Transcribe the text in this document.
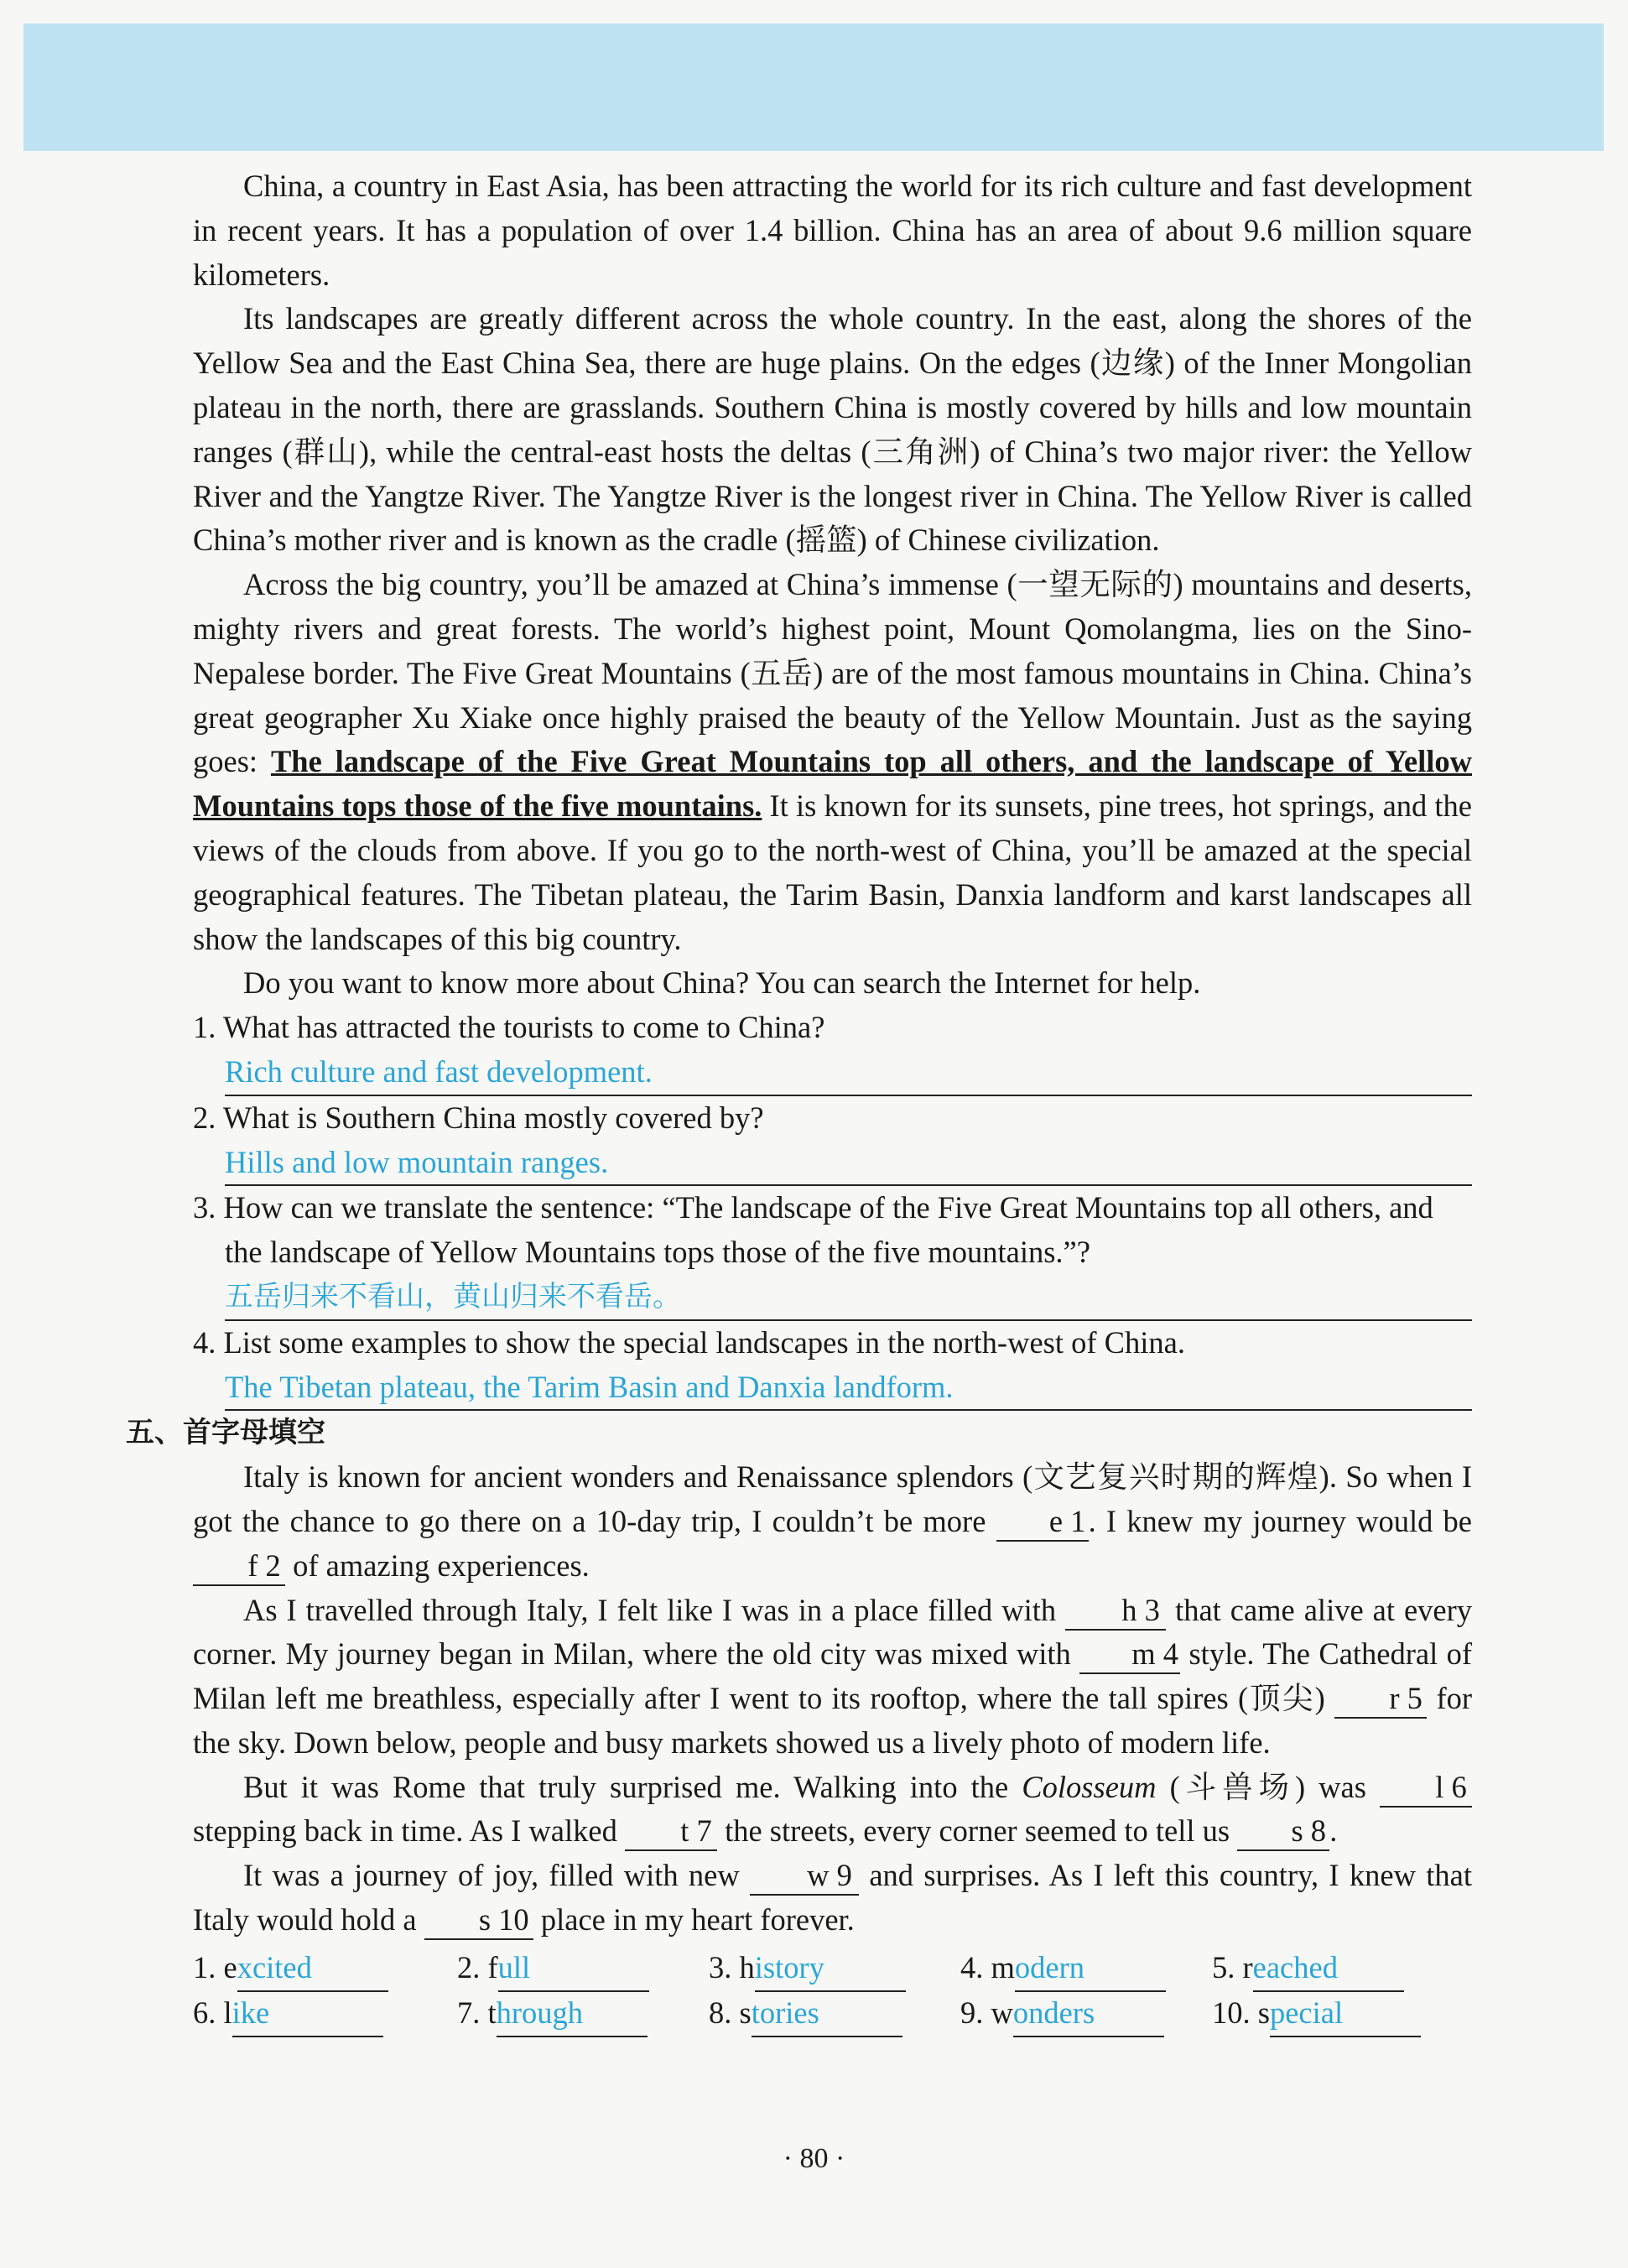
China, a country in East Asia, has been attracting the world for its rich culture and fast development in recent years. It has a population of over 1.4 billion. China has an area of about 9.6 million square kilometers.

Its landscapes are greatly different across the whole country. In the east, along the shores of the Yellow Sea and the East China Sea, there are huge plains. On the edges (边缘) of the Inner Mongolian plateau in the north, there are grasslands. Southern China is mostly covered by hills and low mountain ranges (群山), while the central-east hosts the deltas (三角洲) of China’s two major river: the Yellow River and the Yangtze River. The Yangtze River is the longest river in China. The Yellow River is called China’s mother river and is known as the cradle (摇篮) of Chinese civilization.

Across the big country, you’ll be amazed at China’s immense (一望无际的) mountains and deserts, mighty rivers and great forests. The world’s highest point, Mount Qomolangma, lies on the Sino-Nepalese border. The Five Great Mountains (五岳) are of the most famous mountains in China. China’s great geographer Xu Xiake once highly praised the beauty of the Yellow Mountain. Just as the saying goes: The landscape of the Five Great Mountains top all others, and the landscape of Yellow Mountains tops those of the five mountains. It is known for its sunsets, pine trees, hot springs, and the views of the clouds from above. If you go to the north-west of China, you’ll be amazed at the special geographical features. The Tibetan plateau, the Tarim Basin, Danxia landform and karst landscapes all show the landscapes of this big country.

Do you want to know more about China? You can search the Internet for help.

1. What has attracted the tourists to come to China?
Rich culture and fast development.
2. What is Southern China mostly covered by?
Hills and low mountain ranges.
3. How can we translate the sentence: “The landscape of the Five Great Mountains top all others, and the landscape of Yellow Mountains tops those of the five mountains.”?
五岳归来不看山，黄山归来不看岳。
4. List some examples to show the special landscapes in the north-west of China.
The Tibetan plateau, the Tarim Basin and Danxia landform.

五、首字母填空

Italy is known for ancient wonders and Renaissance splendors (文艺复兴时期的辉煌). So when I got the chance to go there on a 10-day trip, I couldn’t be more e 1. I knew my journey would be f 2 of amazing experiences.

As I travelled through Italy, I felt like I was in a place filled with h 3 that came alive at every corner. My journey began in Milan, where the old city was mixed with m 4 style. The Cathedral of Milan left me breathless, especially after I went to its rooftop, where the tall spires (顶尖) r 5 for the sky. Down below, people and busy markets showed us a lively photo of modern life.

But it was Rome that truly surprised me. Walking into the Colosseum (斗兽场) was l 6 stepping back in time. As I walked t 7 the streets, every corner seemed to tell us s 8.

It was a journey of joy, filled with new w 9 and surprises. As I left this country, I knew that Italy would hold a s 10 place in my heart forever.

1. excited	2. full	3. history	4. modern	5. reached
6. like	7. through	8. stories	9. wonders	10. special
· 80 ·
